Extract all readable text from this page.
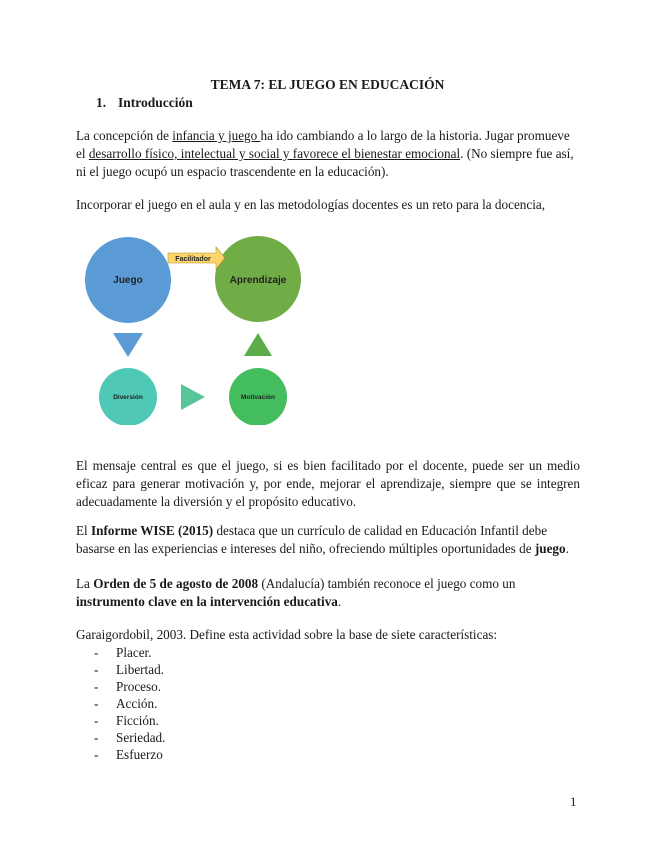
TEMA 7: EL JUEGO EN EDUCACIÓN
1. Introducción

La concepción de infancia y juego ha ido cambiando a lo largo de la historia. Jugar promueve el desarrollo físico, intelectual y social y favorece el bienestar emocional. (No siempre fue así, ni el juego ocupó un espacio trascendente en la educación).

Incorporar el juego en el aula y en las metodologías docentes es un reto para la docencia,

Facilitador
Juego	Aprendizaje
Diversión	Motivación

El mensaje central es que el juego, si es bien facilitado por el docente, puede ser un medio eficaz para generar motivación y, por ende, mejorar el aprendizaje, siempre que se integren adecuadamente la diversión y el propósito educativo.

El Informe WISE (2015) destaca que un currículo de calidad en Educación Infantil debe basarse en las experiencias e intereses del niño, ofreciendo múltiples oportunidades de juego.

La Orden de 5 de agosto de 2008 (Andalucía) también reconoce el juego como un instrumento clave en la intervención educativa.

Garaigordobil, 2003. Define esta actividad sobre la base de siete características:

- Placer.
- Libertad.
- Proceso.
- Acción.
- Ficción.
- Seriedad.
- Esfuerzo
1
